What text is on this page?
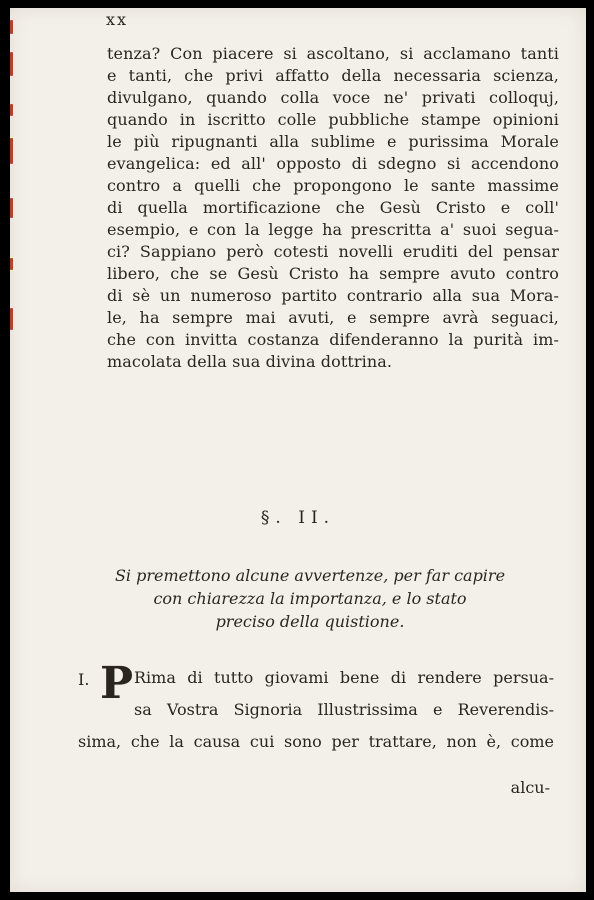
xx
tenza? Con piacere si ascoltano, si acclamano tanti
e tanti, che privi affatto della necessaria scienza,
divulgano, quando colla voce ne' privati colloquj,
quando in iscritto colle pubbliche stampe opinioni
le più ripugnanti alla sublime e purissima Morale
evangelica: ed all' opposto di sdegno si accendono
contro a quelli che propongono le sante massime
di quella mortificazione che Gesù Cristo e coll'
esempio, e con la legge ha prescritta a' suoi segua-
ci? Sappiano però cotesti novelli eruditi del pensar
libero, che se Gesù Cristo ha sempre avuto contro
di sè un numeroso partito contrario alla sua Mora-
le, ha sempre mai avuti, e sempre avrà seguaci,
che con invitta costanza difenderanno la purità im-
macolata della sua divina dottrina.
§. II.
Si premettono alcune avvertenze, per far capire
con chiarezza la importanza, e lo stato
preciso della quistione.
I. P Rima di tutto giovami bene di rendere persua-
sa Vostra Signoria Illustrissima e Reverendis-
sima, che la causa cui sono per trattare, non è, come
alcu-
